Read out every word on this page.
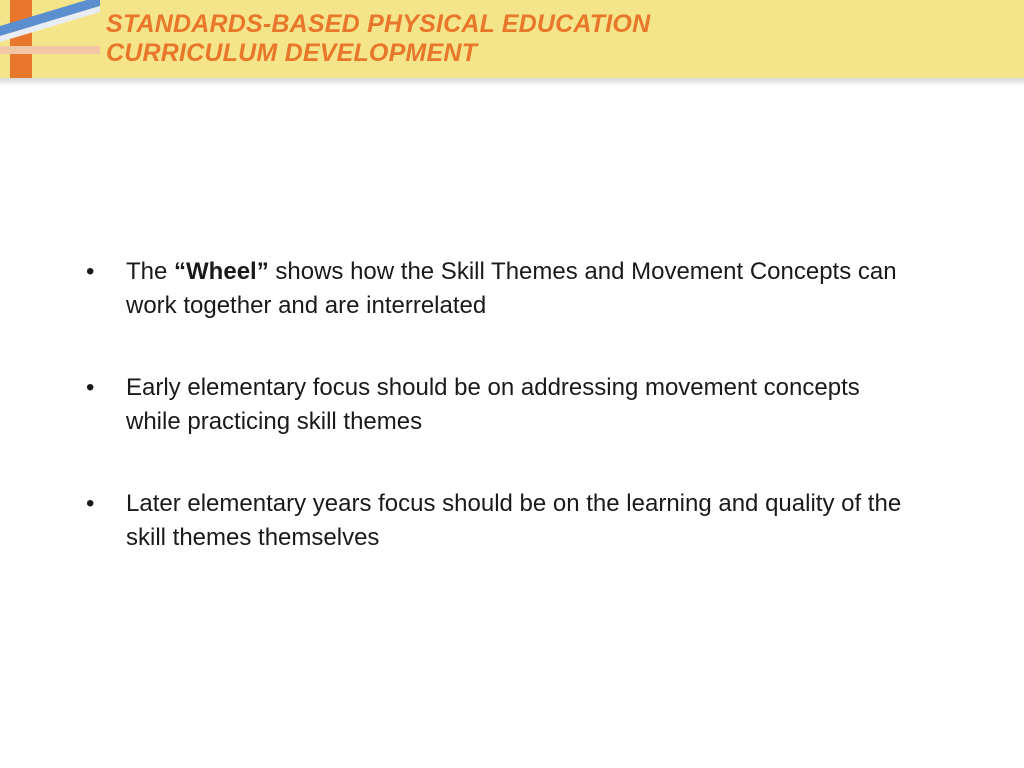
STANDARDS-BASED PHYSICAL EDUCATION
CURRICULUM DEVELOPMENT
• The “Wheel” shows how the Skill Themes and Movement Concepts can work together and are interrelated
• Early elementary focus should be on addressing movement concepts while practicing skill themes
• Later elementary years focus should be on the learning and quality of the skill themes themselves
